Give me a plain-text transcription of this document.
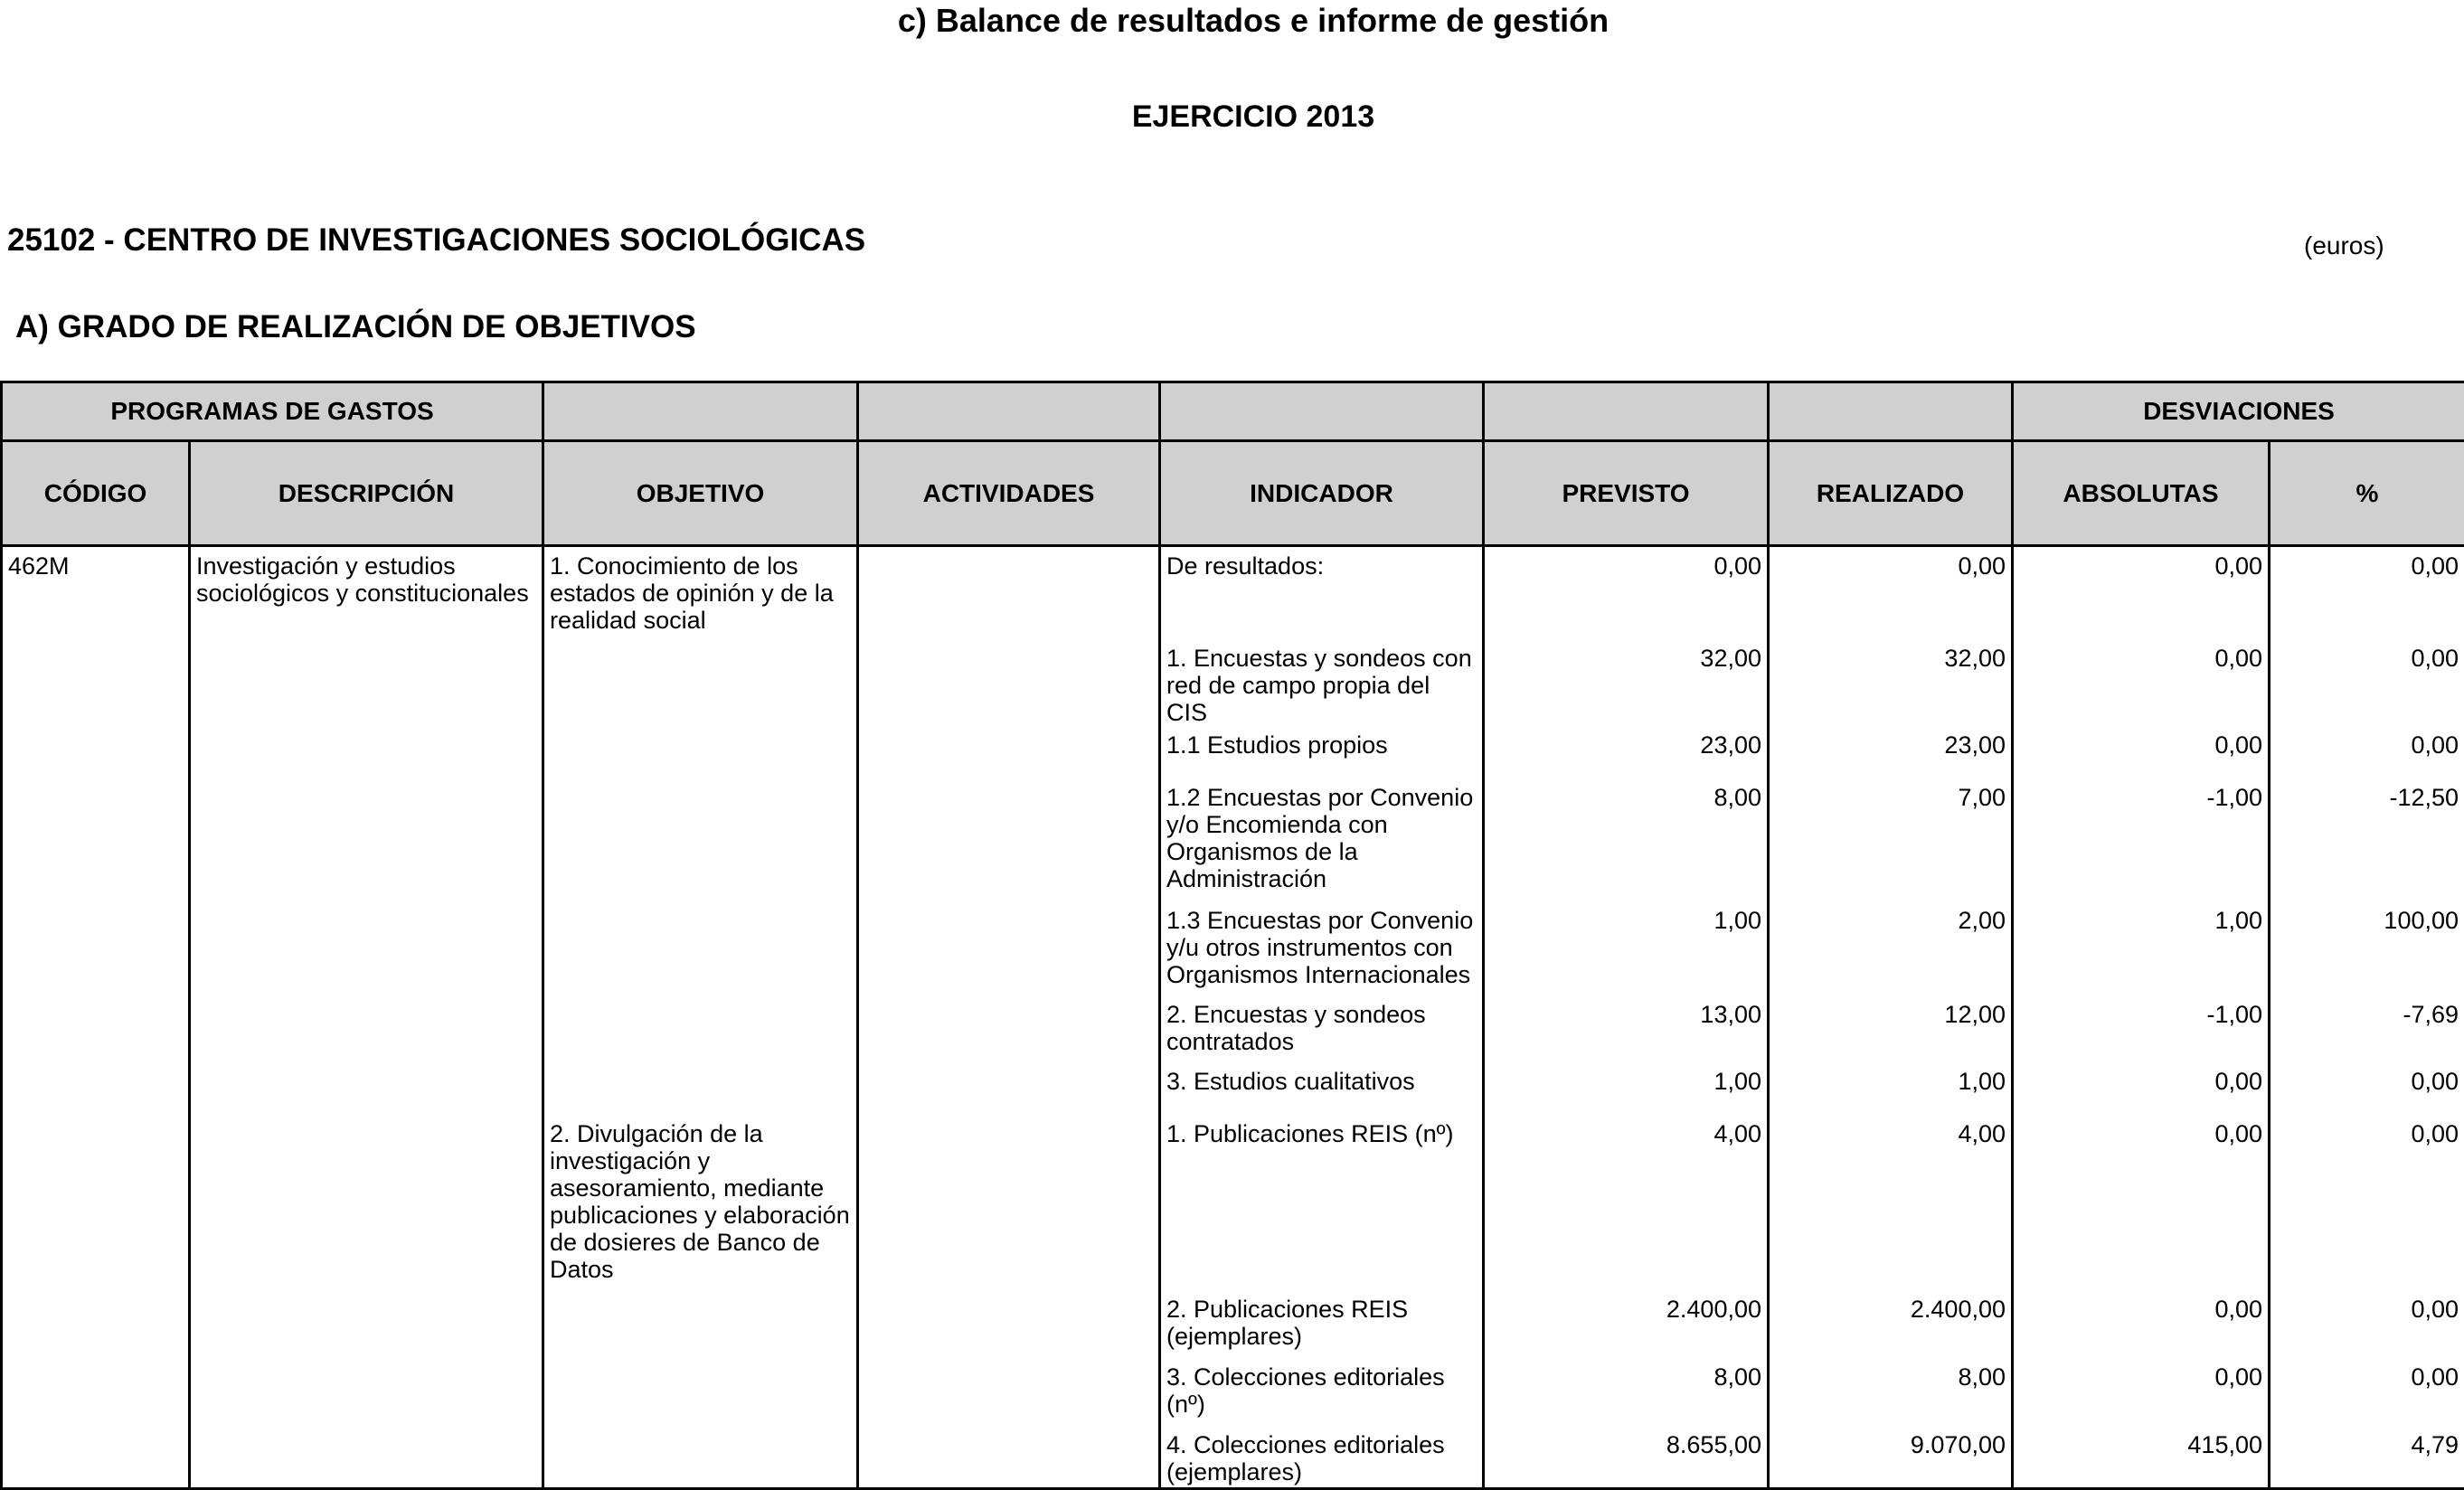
c) Balance de resultados e informe de gestión
EJERCICIO 2013
25102 - CENTRO DE INVESTIGACIONES SOCIOLÓGICAS	(euros)
A) GRADO DE REALIZACIÓN DE OBJETIVOS
PROGRAMAS DE GASTOS							DESVIACIONES	
CÓDIGO	DESCRIPCIÓN	OBJETIVO	ACTIVIDADES	INDICADOR	PREVISTO	REALIZADO	ABSOLUTAS	%
462M	Investigación y estudios sociológicos y constitucionales	1. Conocimiento de los estados de opinión y de la realidad social		De resultados:	0,00	0,00	0,00	0,00
				1. Encuestas y sondeos con red de campo propia del CIS	32,00	32,00	0,00	0,00
				1.1 Estudios propios	23,00	23,00	0,00	0,00
				1.2 Encuestas por Convenio y/o Encomienda con Organismos de la Administración	8,00	7,00	-1,00	-12,50
				1.3 Encuestas por Convenio y/u otros instrumentos con Organismos Internacionales	1,00	2,00	1,00	100,00
				2. Encuestas y sondeos contratados	13,00	12,00	-1,00	-7,69
				3. Estudios cualitativos	1,00	1,00	0,00	0,00
		2. Divulgación de la investigación y asesoramiento, mediante publicaciones y elaboración de dosieres de Banco de Datos		1. Publicaciones REIS (nº)	4,00	4,00	0,00	0,00
				2. Publicaciones REIS (ejemplares)	2.400,00	2.400,00	0,00	0,00
				3. Colecciones editoriales (nº)	8,00	8,00	0,00	0,00
				4. Colecciones editoriales (ejemplares)	8.655,00	9.070,00	415,00	4,79
